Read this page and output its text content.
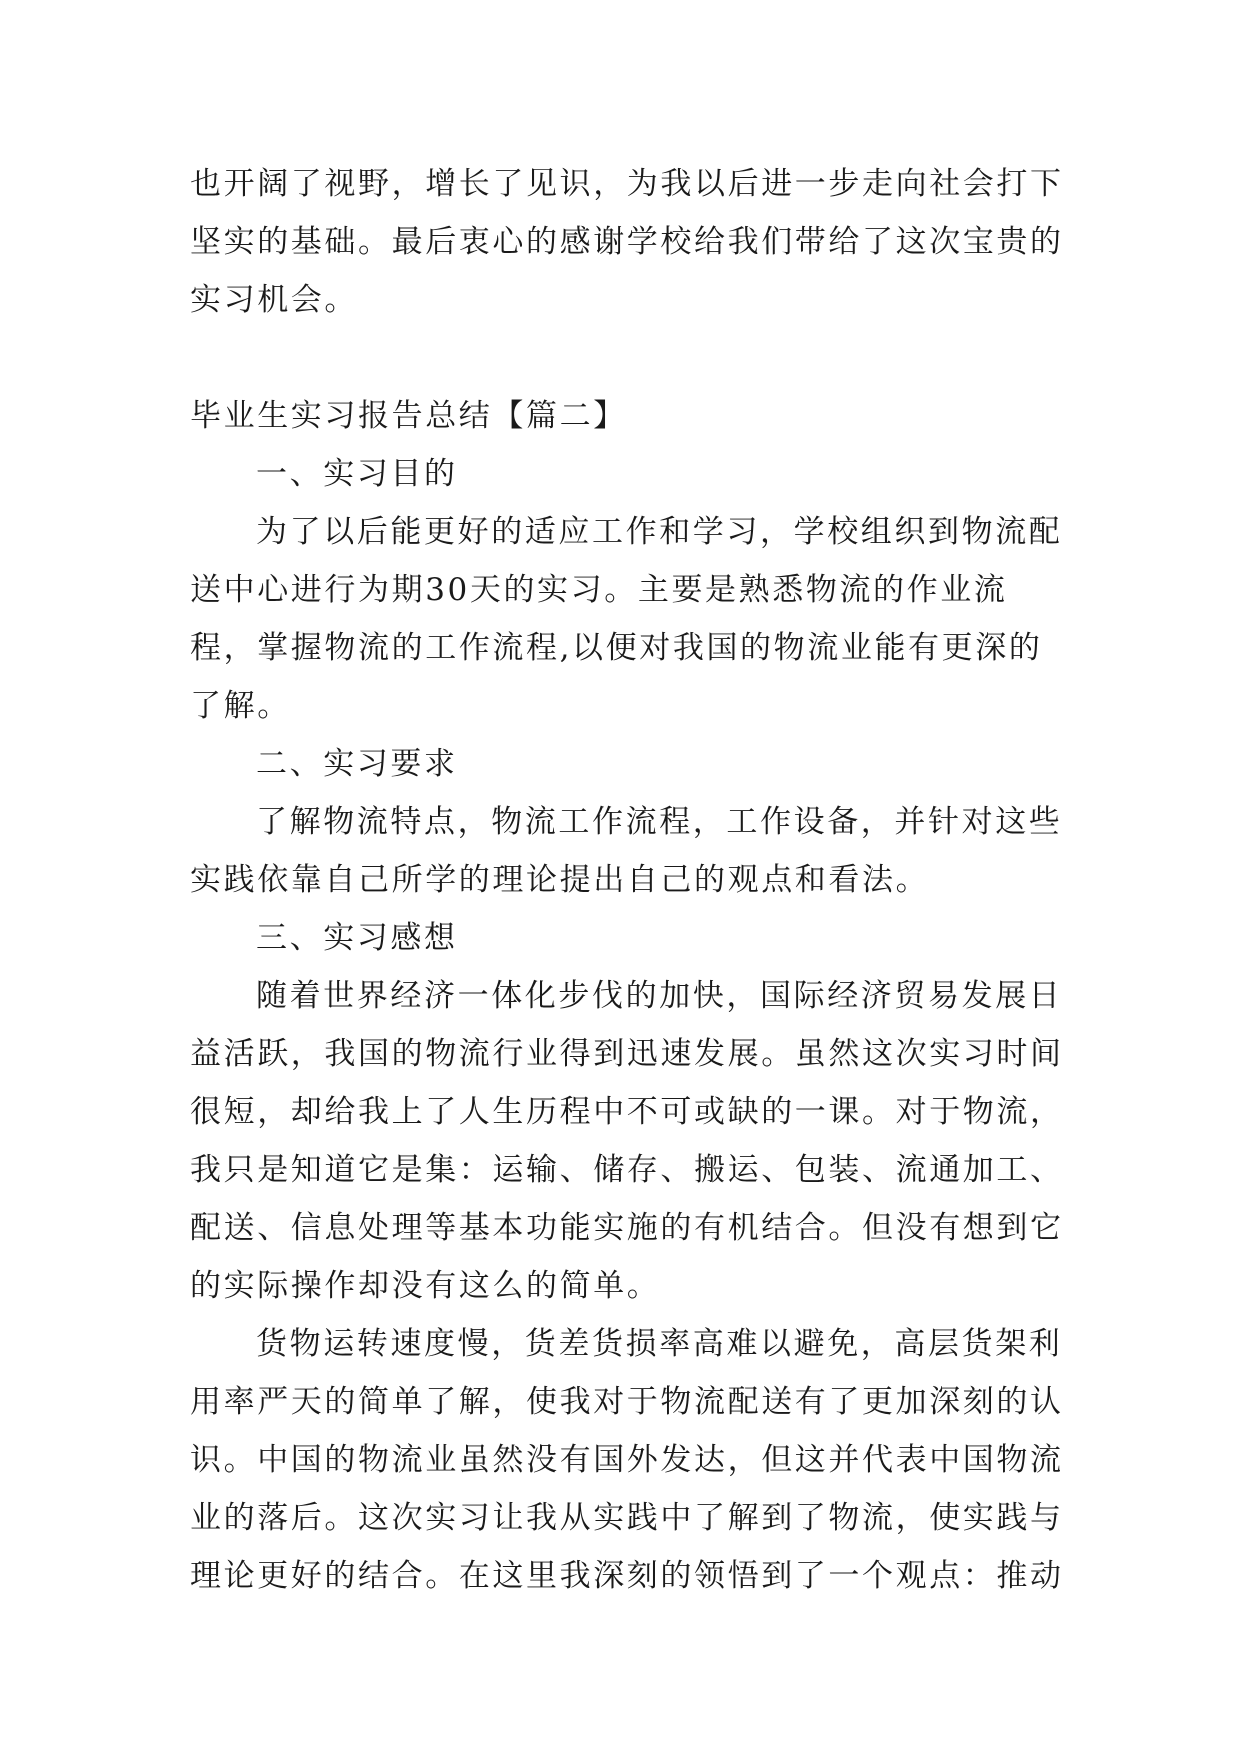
也开阔了视野，增长了见识，为我以后进一步走向社会打下坚实的基础。最后衷心的感谢学校给我们带给了这次宝贵的实习机会。

毕业生实习报告总结【篇二】

一、实习目的

为了以后能更好的适应工作和学习，学校组织到物流配送中心进行为期30天的实习。主要是熟悉物流的作业流程，掌握物流的工作流程,以便对我国的物流业能有更深的了解。

二、实习要求

了解物流特点，物流工作流程，工作设备，并针对这些实践依靠自己所学的理论提出自己的观点和看法。

三、实习感想

随着世界经济一体化步伐的加快，国际经济贸易发展日益活跃，我国的物流行业得到迅速发展。虽然这次实习时间很短，却给我上了人生历程中不可或缺的一课。对于物流，我只是知道它是集：运输、储存、搬运、包装、流通加工、配送、信息处理等基本功能实施的有机结合。但没有想到它的实际操作却没有这么的简单。

货物运转速度慢，货差货损率高难以避免，高层货架利用率严天的简单了解，使我对于物流配送有了更加深刻的认识。中国的物流业虽然没有国外发达，但这并代表中国物流业的落后。这次实习让我从实践中了解到了物流，使实践与理论更好的结合。在这里我深刻的领悟到了一个观点：推动
